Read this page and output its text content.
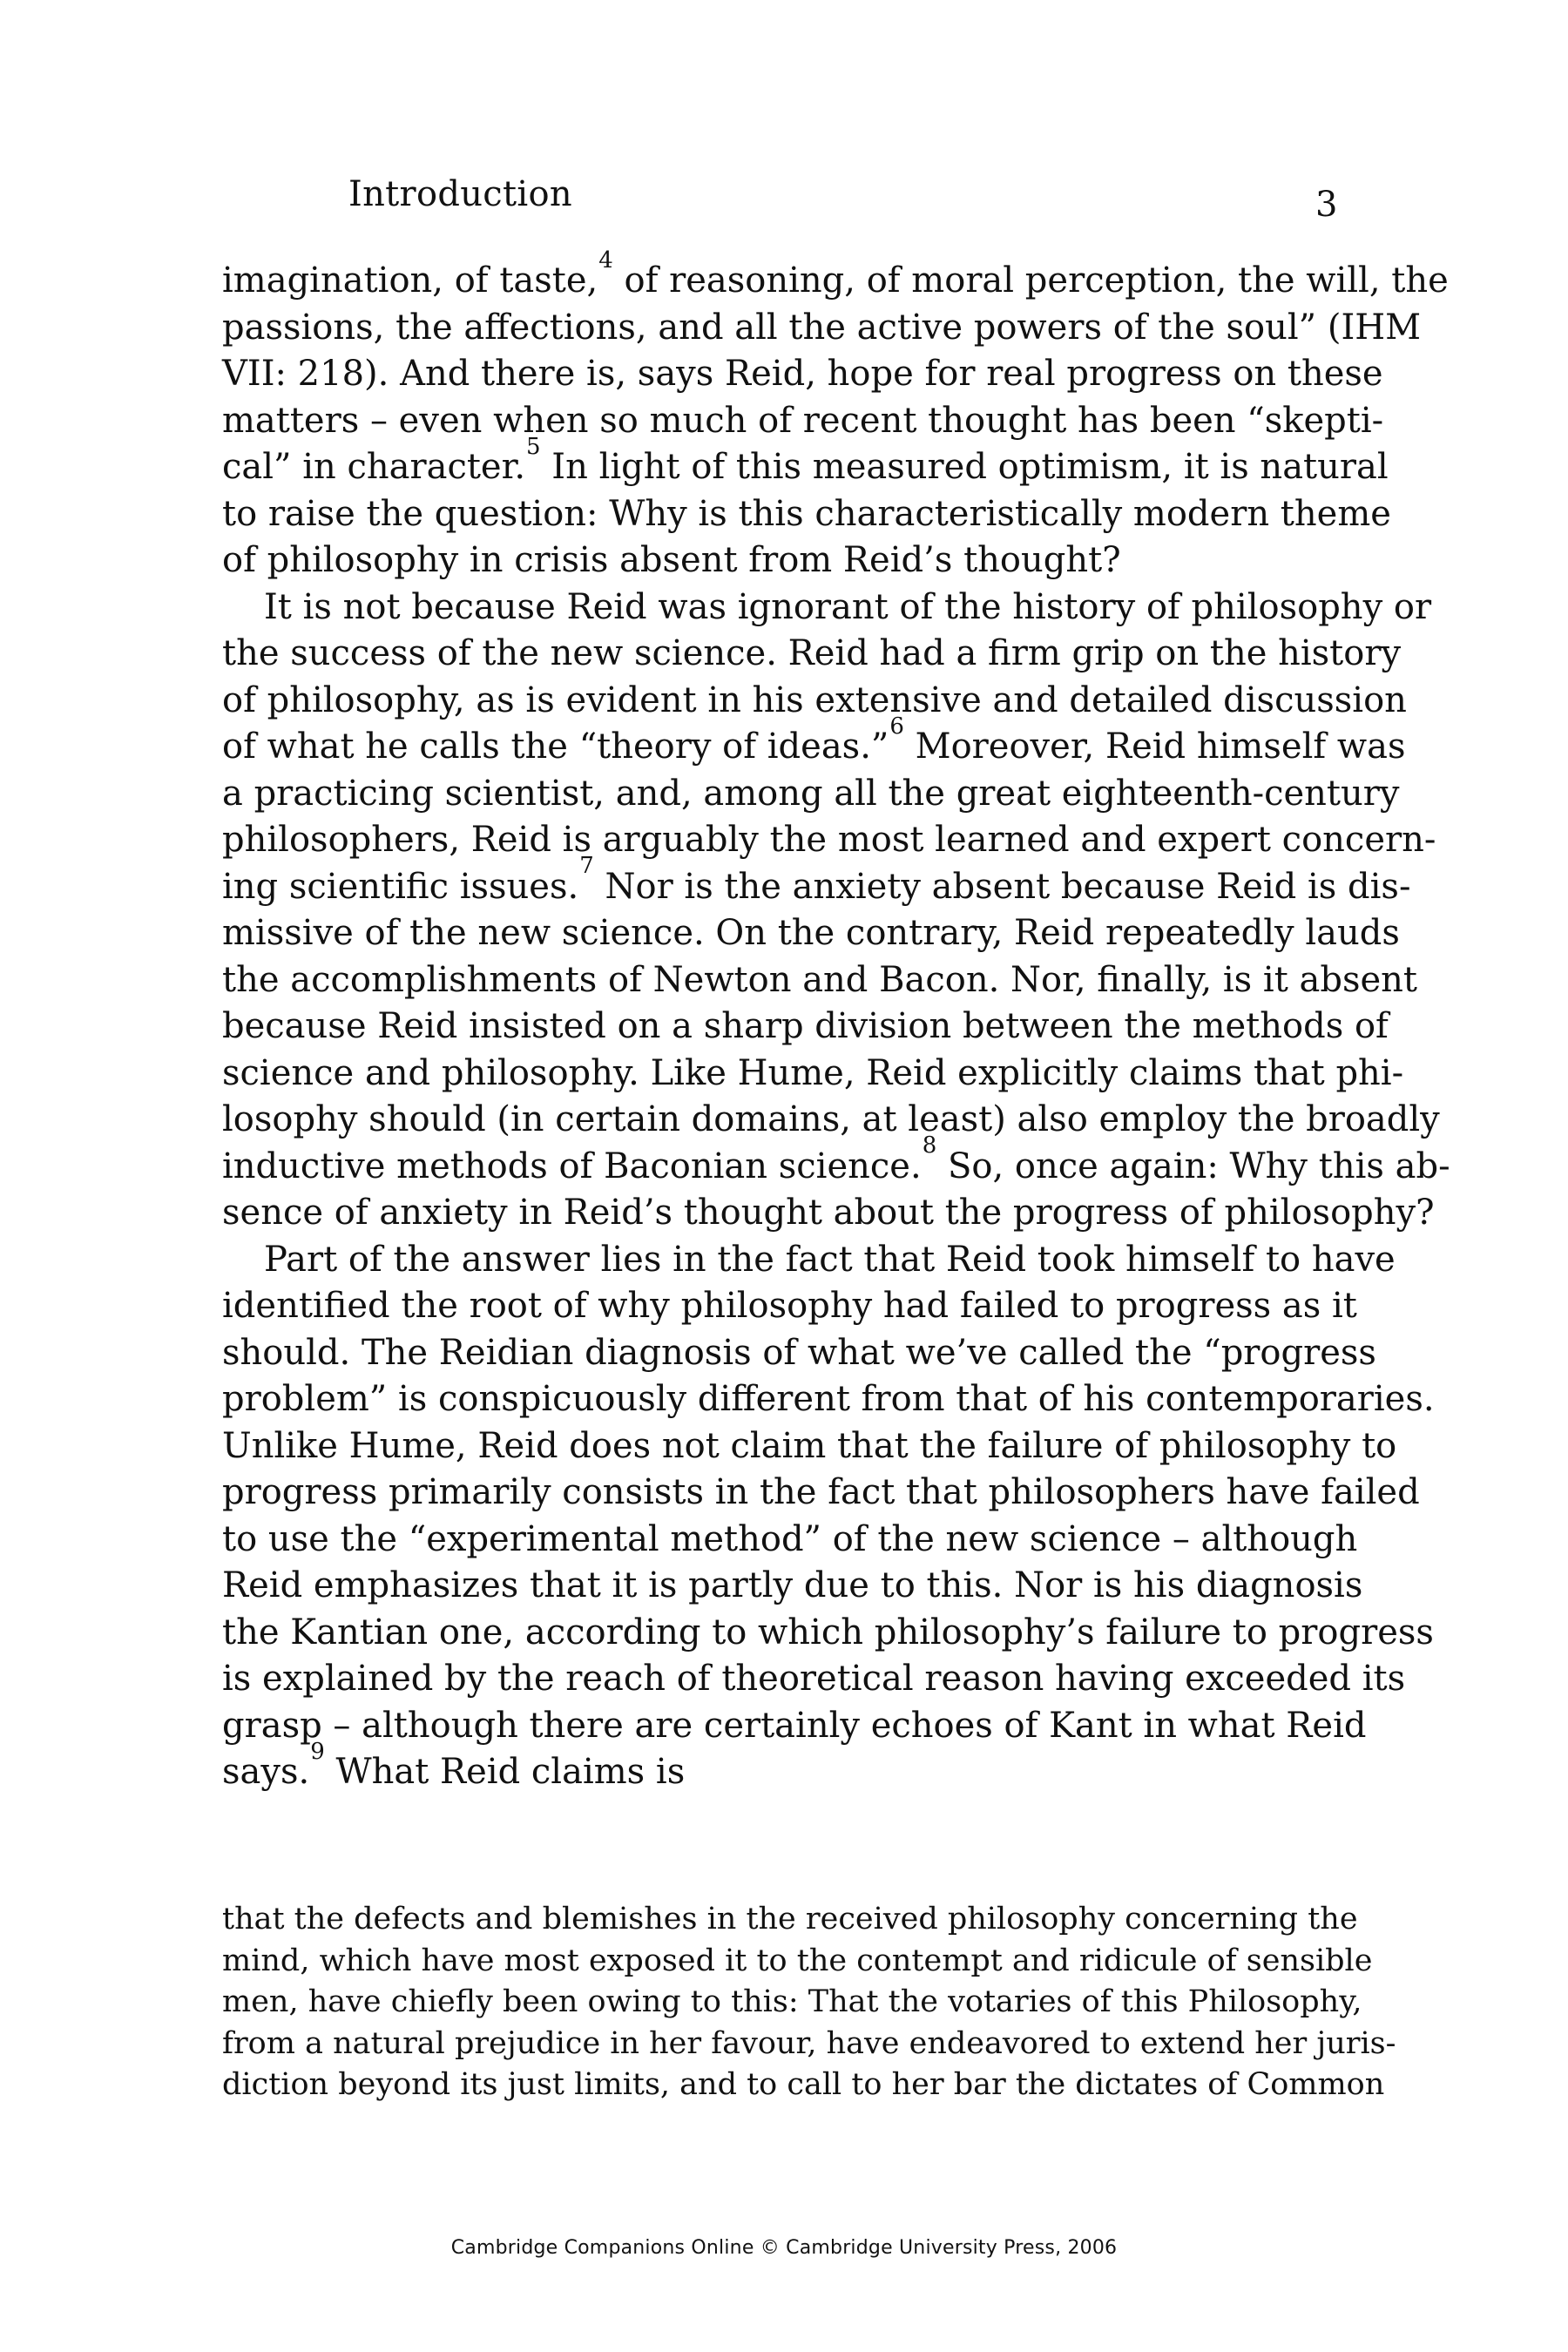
Introduction	3
imagination, of taste,$^4$ of reasoning, of moral perception, the will, the
passions, the affections, and all the active powers of the soul” (IHM
VII: 218). And there is, says Reid, hope for real progress on these
matters – even when so much of recent thought has been “skepti-
cal” in character.$^5$ In light of this measured optimism, it is natural
to raise the question: Why is this characteristically modern theme
of philosophy in crisis absent from Reid’s thought?
It is not because Reid was ignorant of the history of philosophy or
the success of the new science. Reid had a firm grip on the history
of philosophy, as is evident in his extensive and detailed discussion
of what he calls the “theory of ideas.”$^6$ Moreover, Reid himself was
a practicing scientist, and, among all the great eighteenth-century
philosophers, Reid is arguably the most learned and expert concern-
ing scientific issues.$^7$ Nor is the anxiety absent because Reid is dis-
missive of the new science. On the contrary, Reid repeatedly lauds
the accomplishments of Newton and Bacon. Nor, finally, is it absent
because Reid insisted on a sharp division between the methods of
science and philosophy. Like Hume, Reid explicitly claims that phi-
losophy should (in certain domains, at least) also employ the broadly
inductive methods of Baconian science.$^8$ So, once again: Why this ab-
sence of anxiety in Reid’s thought about the progress of philosophy?
Part of the answer lies in the fact that Reid took himself to have
identified the root of why philosophy had failed to progress as it
should. The Reidian diagnosis of what we’ve called the “progress
problem” is conspicuously different from that of his contemporaries.
Unlike Hume, Reid does not claim that the failure of philosophy to
progress primarily consists in the fact that philosophers have failed
to use the “experimental method” of the new science – although
Reid emphasizes that it is partly due to this. Nor is his diagnosis
the Kantian one, according to which philosophy’s failure to progress
is explained by the reach of theoretical reason having exceeded its
grasp – although there are certainly echoes of Kant in what Reid
says.$^9$ What Reid claims is
that the defects and blemishes in the received philosophy concerning the
mind, which have most exposed it to the contempt and ridicule of sensible
men, have chiefly been owing to this: That the votaries of this Philosophy,
from a natural prejudice in her favour, have endeavored to extend her juris-
diction beyond its just limits, and to call to her bar the dictates of Common
Cambridge Companions Online © Cambridge University Press, 2006
